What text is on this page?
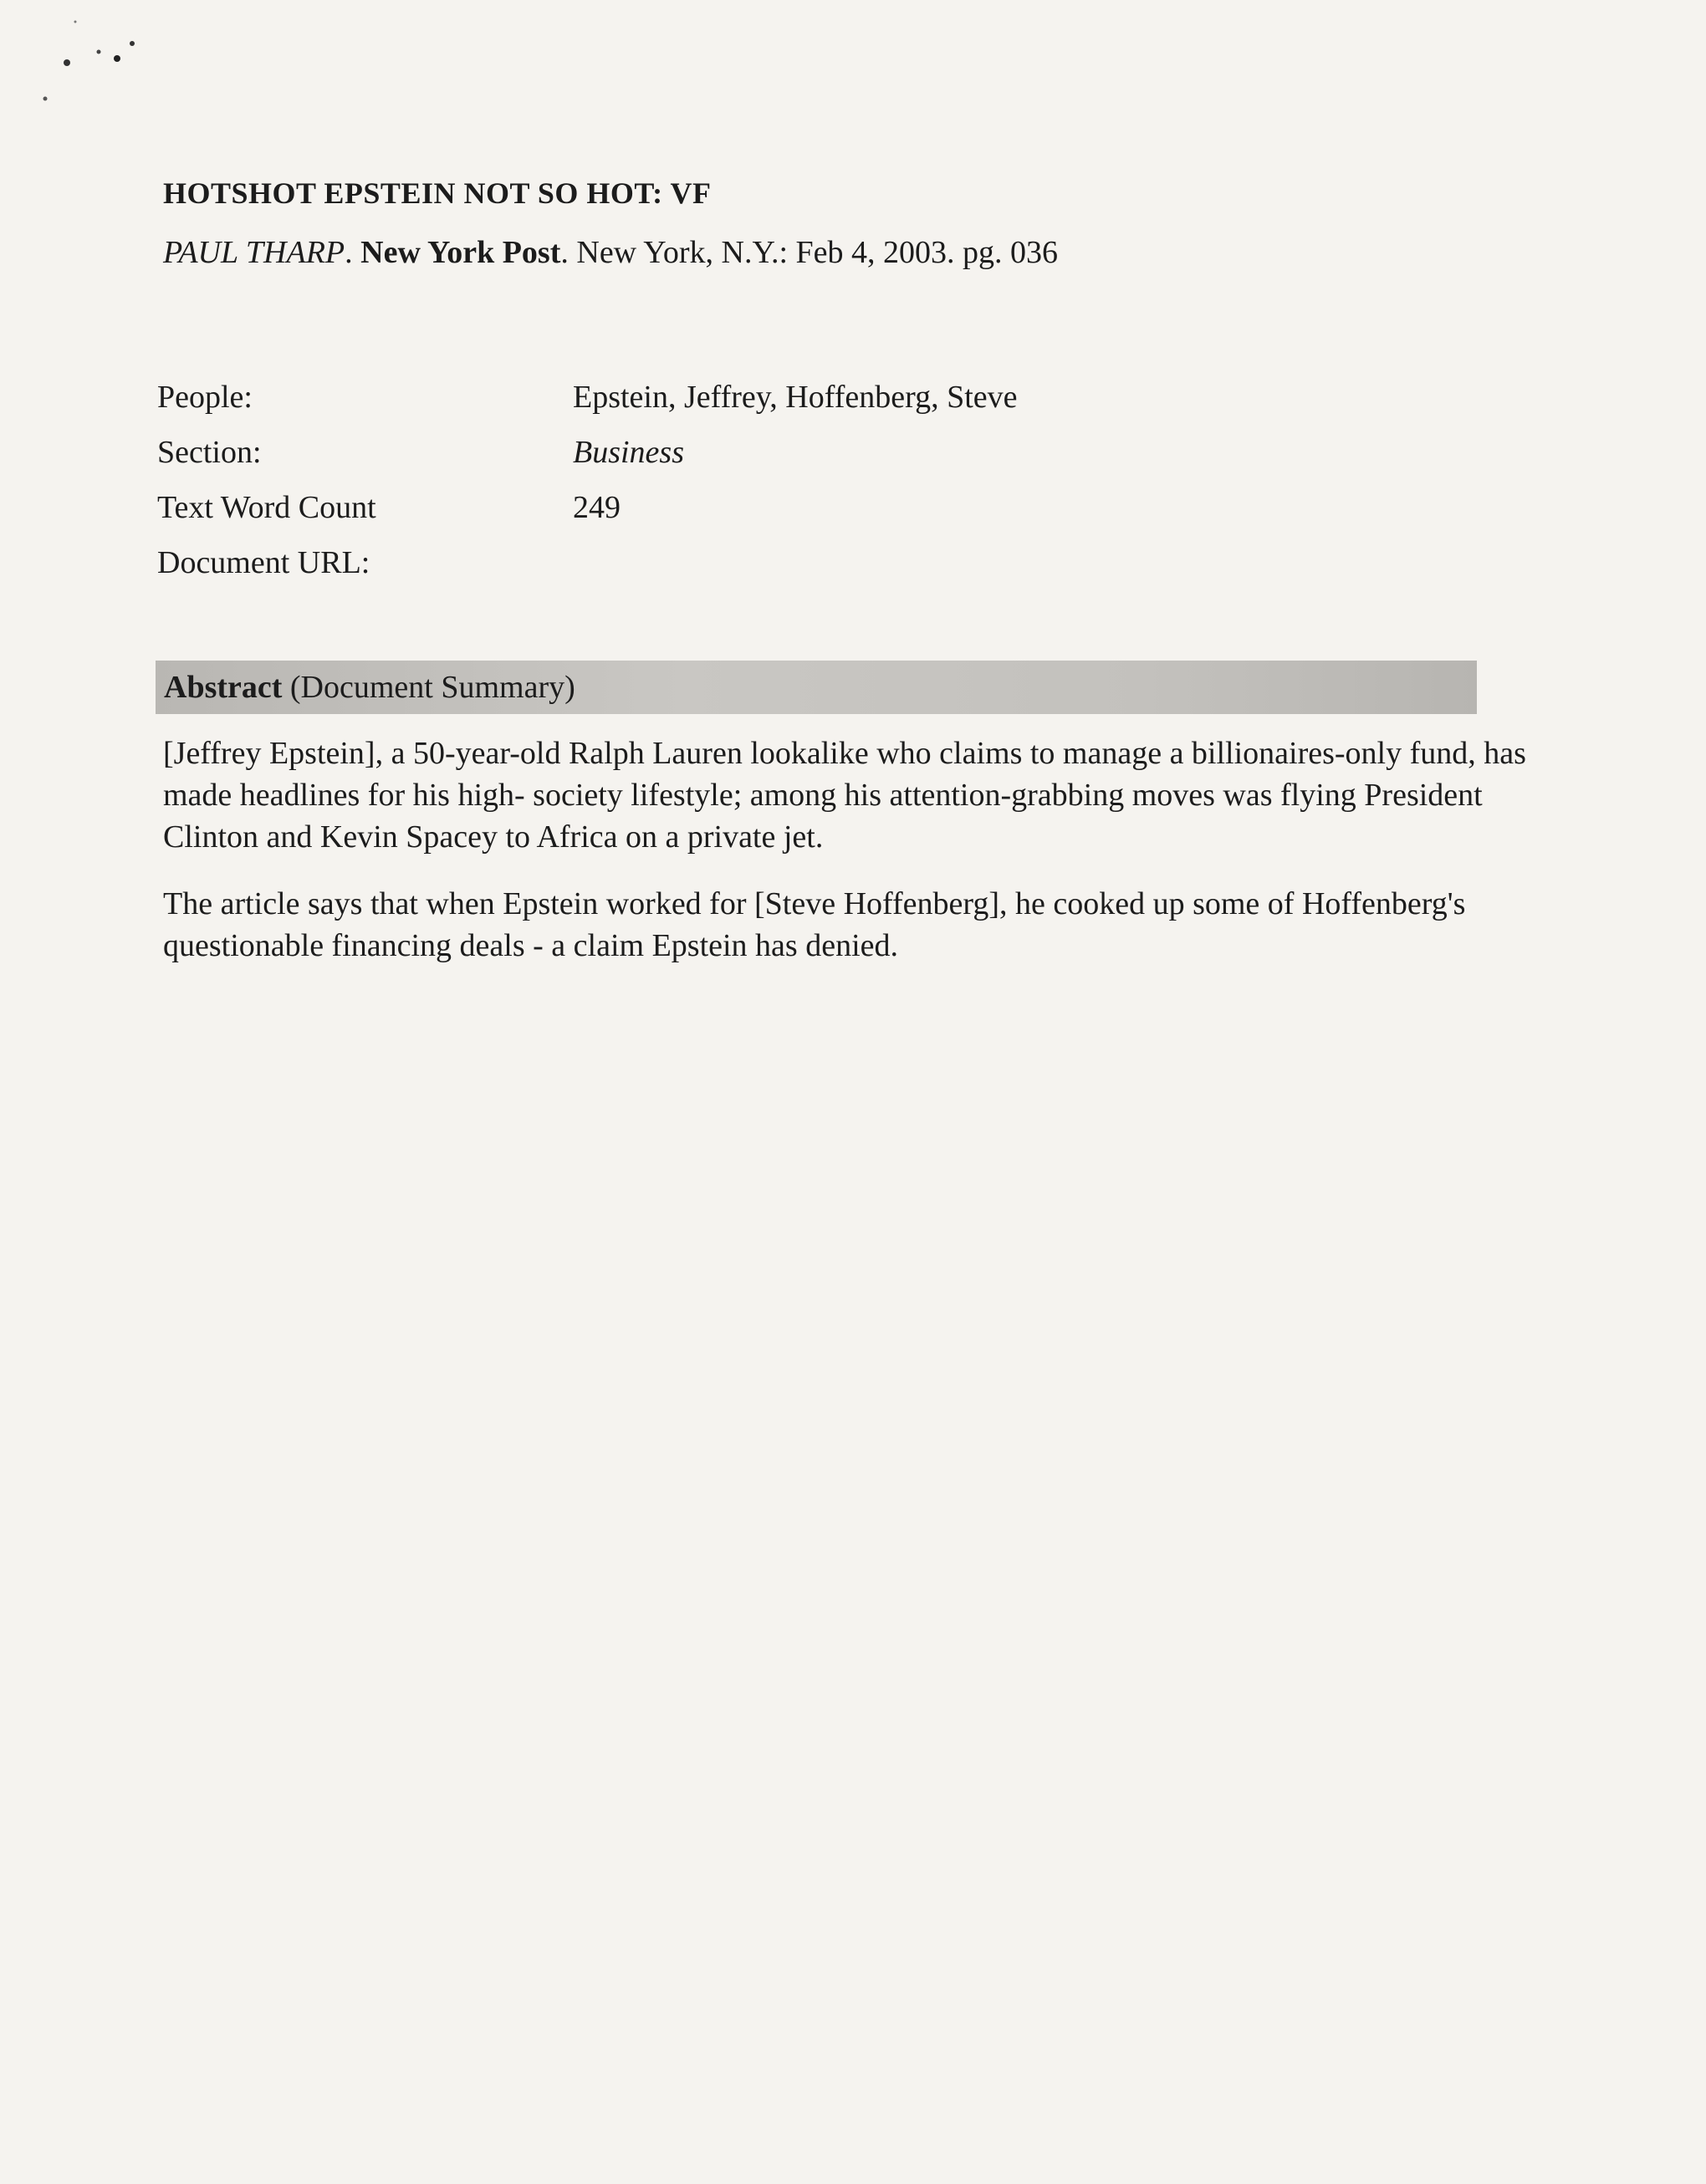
HOTSHOT EPSTEIN NOT SO HOT: VF

PAUL THARP. New York Post. New York, N.Y.: Feb 4, 2003. pg. 036

People:	Epstein, Jeffrey, Hoffenberg, Steve
Section:	Business
Text Word Count	249
Document URL:	
Abstract (Document Summary)

[Jeffrey Epstein], a 50-year-old Ralph Lauren lookalike who claims to manage a billionaires-only fund, has made headlines for his high- society lifestyle; among his attention-grabbing moves was flying President Clinton and Kevin Spacey to Africa on a private jet.

The article says that when Epstein worked for [Steve Hoffenberg], he cooked up some of Hoffenberg's questionable financing deals - a claim Epstein has denied.
